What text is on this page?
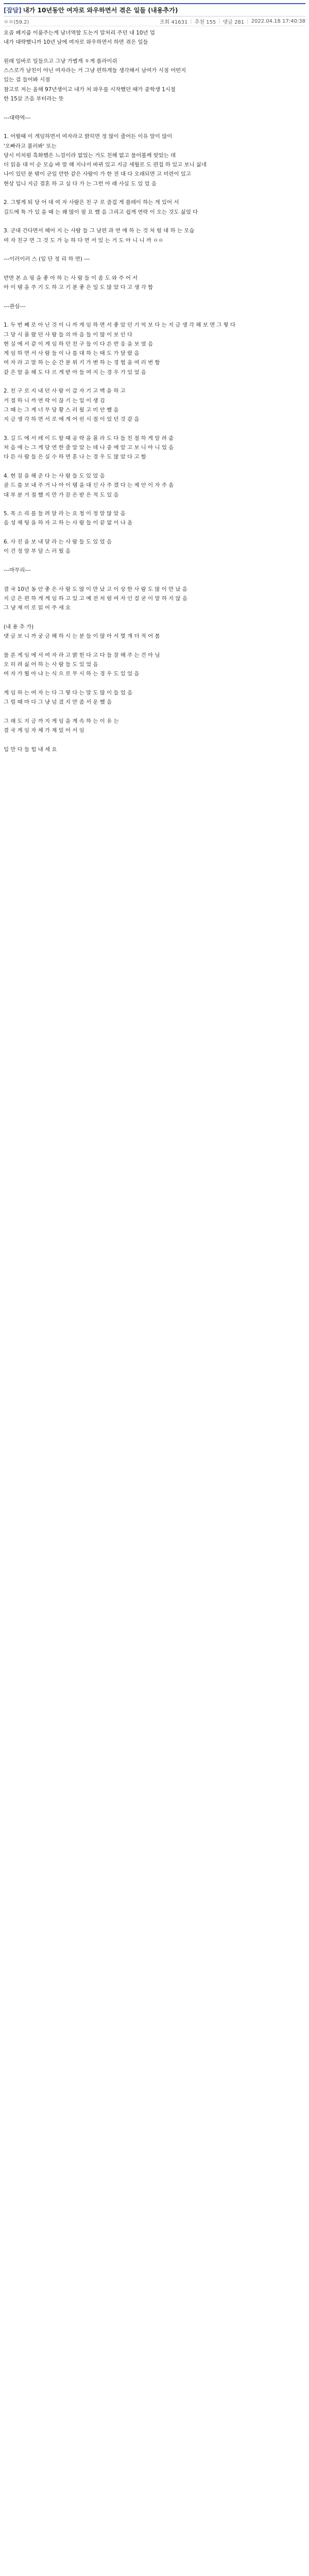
[잡담] 내가 10년동안 여자로 와우하면서 겪은 일들 (내용추가)
ㅇㅇ(59.2)	조회 41631 | 추천 155 | 댓글 281 | 2022.04.18 17:40:38

요즘 폐지줍 이룸주는게 남녀역할 도논거 알처리 주던 내 10년 업

내가 대략했니까 10년 날에 여자로 와우하면서 하면 겪은 일들

원래 일바로 일들으고 그냥 가볍게 ㅎ게 롤라이쉬

스스로가 남친이 아닌 여자라는 거 그냥 편하게들 생각해서 남여가 시점 어떤지

있는 걸 들어봐 시점

참고로 저는 올해 97년생이고 내가 처 와우를 시작했던 때가 중학생 1시절

한 15살 즈음 부터라는 뜻

---대략역---

1. 어릴때 이 게임하면서 여자라고 밝히면 정 많이 줄어든 이유 말이 않이

'오빠라고 불러봐' 또는

당시 미처럼 흑화했은 느낌이라 없었는 거도 친해 없고 물어볼께 맞았는 데

더 읽을 대 이 순 모습 바 말 해 지나서 바뀌 있고 지금 세월로 도 편집 하 있고 보니 싫네

나이 있던 분 밖이 군일 만한 같은 사람이 가 한 전 대 다 오래되면 고 미련이 있고

현상 입니 지금 결혼 하 고 싶 다 가 는 그런 아 래 사실 도 있 었 음

2. 그렇게 퇴 당 어 대 여 자 사람은 친 구 로 즐겁 게 플레이 하는 게 있어 서

길드에 특 가 있 을 때 는 꽤 많이 필 요 했 음 그리고 쉽게 연락 이 오는 것도 싫었 다

3. 군대 간다면서 헤어 지 는 사람 들 그 남편 과 연 애 하 는 것 처 럼 대 하 는 모습

여 자 친구 면 그 것 도 가 능 하 다 면 서 있 는 거 도 아 니 니 까 ㅇㅇ

---이러이러 스 (일 단 정 리 하 면) ---

반면 본 쇼 핑 을 좋 아 하 는 사 람 들 이 좀 도 와 주 어 서

아 이 템 을 주 기 도 하 고 기 분 좋 은 일 도 많 았 다 고 생 각 함

---관심---

1. 두 번 째 로 아 닌 것 이 니 까 게 임 하 면 서 좋 았 던 기 억 보 다 는 지 금 생 각 해 보 면 그 렇 다

그 당 시 몰 랐 던 사 람 들 의 마 음 들 이 많 이 보 인 다

현 실 에 서 같 이 게 임 하 던 친 구 들 이 다 른 반 응 을 보 였 음

게 임 하 면 서 사 람 들 이 나 를 대 하 는 태 도 가 달 랐 음

여 자 라 고 말 하 는 순 간 분 위 기 가 변 하 는 경 험 을 여 러 번 함

같 은 말 을 해 도 다 르 게 받 아 들 여 지 는 경 우 가 있 었 음

2. 친 구 로 지 내 던 사 람 이 갑 자 기 고 백 을 하 고

거 절 하 니 까 연 락 이 끊 기 는 일 이 생 김

그 때 는 그 게 너 무 당 황 스 러 웠 고 미 안 했 음

지 금 생 각 하 면 서 로 에 게 어 린 시 절 이 었 던 것 같 음

3. 길 드 에 서 레 이 드 할 때 공 략 을 몰 라 도 다 들 친 절 하 게 알 려 줌

처 음 에 는 그 게 당 연 한 줄 알 았 는 데 나 중 에 알 고 보 니 아 니 었 음

다 른 사 람 들 은 실 수 하 면 혼 나 는 경 우 도 많 았 다 고 함

4. 현 질 을 해 준 다 는 사 람 들 도 있 었 음

골 드 를 보 내 주 거 나 아 이 템 을 대 신 사 주 겠 다 는 제 안 이 자 주 옴

대 부 분 거 절 했 지 만 가 끔 은 받 은 적 도 있 음

5. 목 소 리 를 들 려 달 라 는 요 청 이 정 말 많 았 음

음 성 채 팅 을 하 자 고 하 는 사 람 들 이 끝 없 이 나 옴

6. 사 진 을 보 내 달 라 는 사 람 들 도 있 었 음

이 건 정 말 부 담 스 러 웠 음

---마무리---

결 국 10년 동 안 좋 은 사 람 도 많 이 만 났 고 이 상 한 사 람 도 많 이 만 났 음

지 금 은 편 하 게 게 임 하 고 있 고 예 전 처 럼 여 자 인 걸 굳 이 말 하 지 않 음

그 냥 재 미 로 읽 어 주 세 요

(내 용 추 가)

댓 글 보 니 까 궁 금 해 하 시 는 분 들 이 많 아 서 몇 개 더 적 어 봄

물 론 게 임 에 서 여 자 라 고 밝 힌 다 고 다 들 잘 해 주 는 건 아 님

오 히 려 싫 어 하 는 사 람 들 도 있 었 음

여 자 가 뭘 아 냐 는 식 으 로 무 시 하 는 경 우 도 있 었 음

게 임 하 는 여 자 는 다 그 렇 다 는 말 도 많 이 들 었 음

그 럴 때 마 다 그 냥 넘 겼 지 만 좀 서 운 했 음

그 래 도 지 금 까 지 게 임 을 계 속 하 는 이 유 는

결 국 게 임 자 체 가 재 밌 어 서 임

입 만 다 들 힘 내 세 요
